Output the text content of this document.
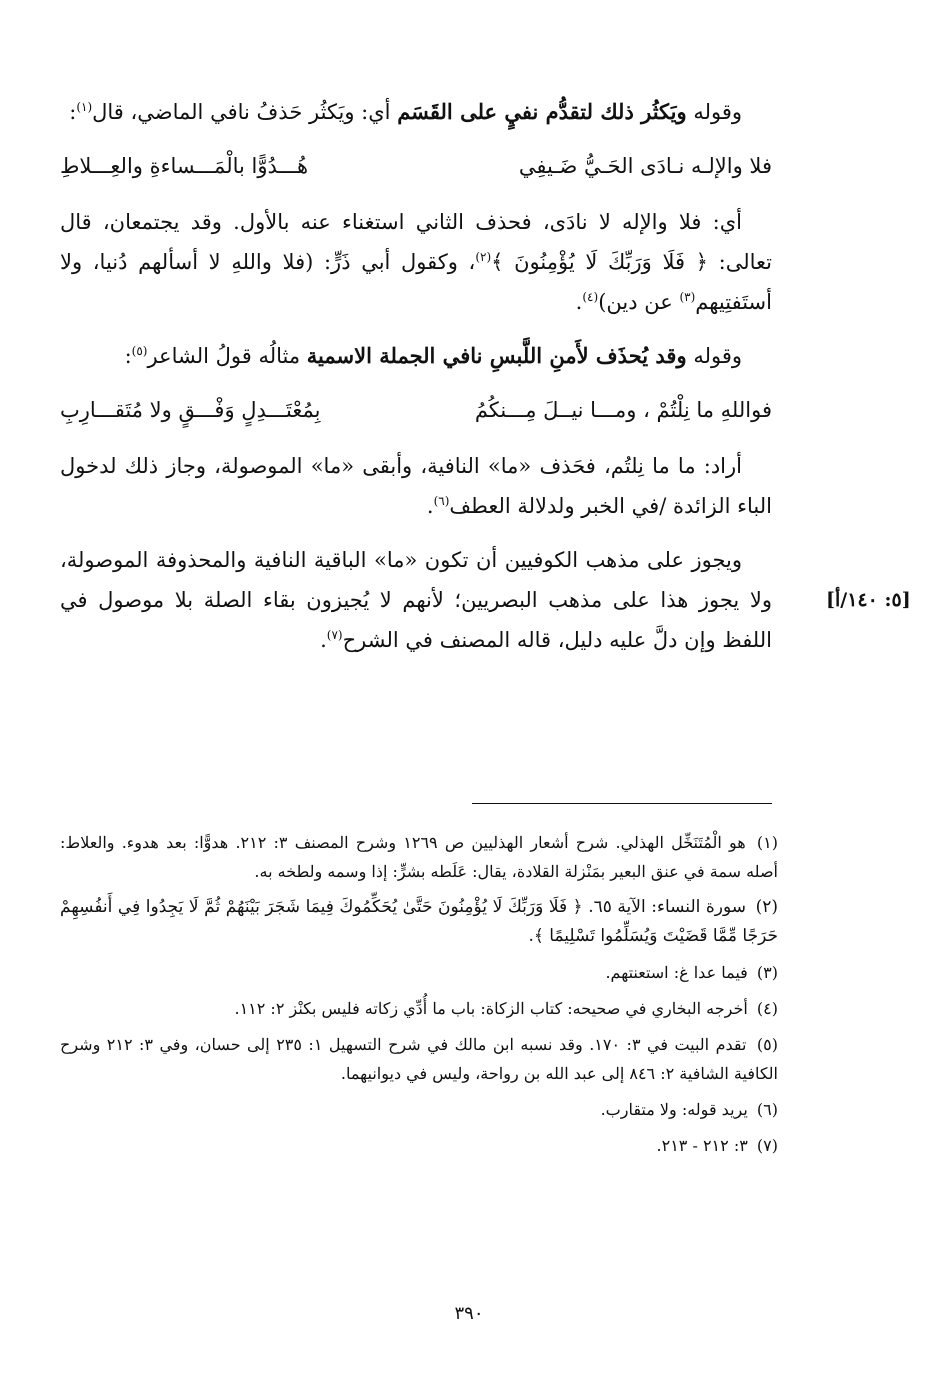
وقوله ويَكثُر ذلك لتقدُّم نفيٍ على القَسَم أي: ويَكثُر حَذفُ نافي الماضي، قال$^{(١)}$:

فلا والإلـه نـادَى الحَـيُّ ضَـيفِي
هُـــدُوًّا بالْمَـــساءةِ والعِـــلاطِ

أي: فلا والإله لا نادَى، فحذف الثاني استغناء عنه بالأول. وقد يجتمعان، قال تعالى: ﴿ فَلَا وَرَبِّكَ لَا يُؤْمِنُونَ ﴾$^{(٢)}$، وكقول أبي ذَرٍّ: (فلا واللهِ لا أسألهم دُنيا، ولا أستَفتِيهم$^{(٣)}$ عن دين)$^{(٤)}$.

وقوله وقد يُحذَف لأَمنِ اللَّبسِ نافي الجملة الاسمية مثالُه قولُ الشاعر$^{(٥)}$:

فواللهِ ما نِلْتُمْ ، ومـــا نيــلَ مِـــنكُمُ
بِمُعْتَـــدِلٍ وَفْـــقٍ ولا مُتَقـــارِبِ

أراد: ما ما نِلتُم، فحَذف «ما» النافية، وأبقى «ما» الموصولة، وجاز ذلك لدخول الباء الزائدة /في الخبر ولدلالة العطف$^{(٦)}$.

ويجوز على مذهب الكوفيين أن تكون «ما» الباقية النافية والمحذوفة الموصولة، ولا يجوز هذا على مذهب البصريين؛ لأنهم لا يُجيزون بقاء الصلة بلا موصول في اللفظ وإن دلَّ عليه دليل، قاله المصنف في الشرح$^{(٧)}$.

[٥: ١٤٠/أ]
(١) هو الْمُتَنَخِّل الهذلي. شرح أشعار الهذليين ص ١٢٦٩ وشرح المصنف ٣: ٢١٢. هدوًّا: بعد هدوء. والعلاط: أصله سمة في عنق البعير بمَنْزلة القلادة، يقال: عَلَطه بشرٍّ: إذا وسمه ولطخه به.
(٢) سورة النساء: الآية ٦٥. ﴿ فَلَا وَرَبِّكَ لَا يُؤْمِنُونَ حَتَّىٰ يُحَكِّمُوكَ فِيمَا شَجَرَ بَيْنَهُمْ ثُمَّ لَا يَجِدُوا فِي أَنفُسِهِمْ حَرَجًا مِّمَّا قَضَيْتَ وَيُسَلِّمُوا تَسْلِيمًا ﴾.
(٣) فيما عدا غ: استعنتهم.
(٤) أخرجه البخاري في صحيحه: كتاب الزكاة: باب ما أُدِّي زكاته فليس بكنْز ٢: ١١٢.
(٥) تقدم البيت في ٣: ١٧٠. وقد نسبه ابن مالك في شرح التسهيل ١: ٢٣٥ إلى حسان، وفي ٣: ٢١٢ وشرح الكافية الشافية ٢: ٨٤٦ إلى عبد الله بن رواحة، وليس في ديوانيهما.
(٦) يريد قوله: ولا متقارب.
(٧) ٣: ٢١٢ - ٢١٣.
٣٩٠
